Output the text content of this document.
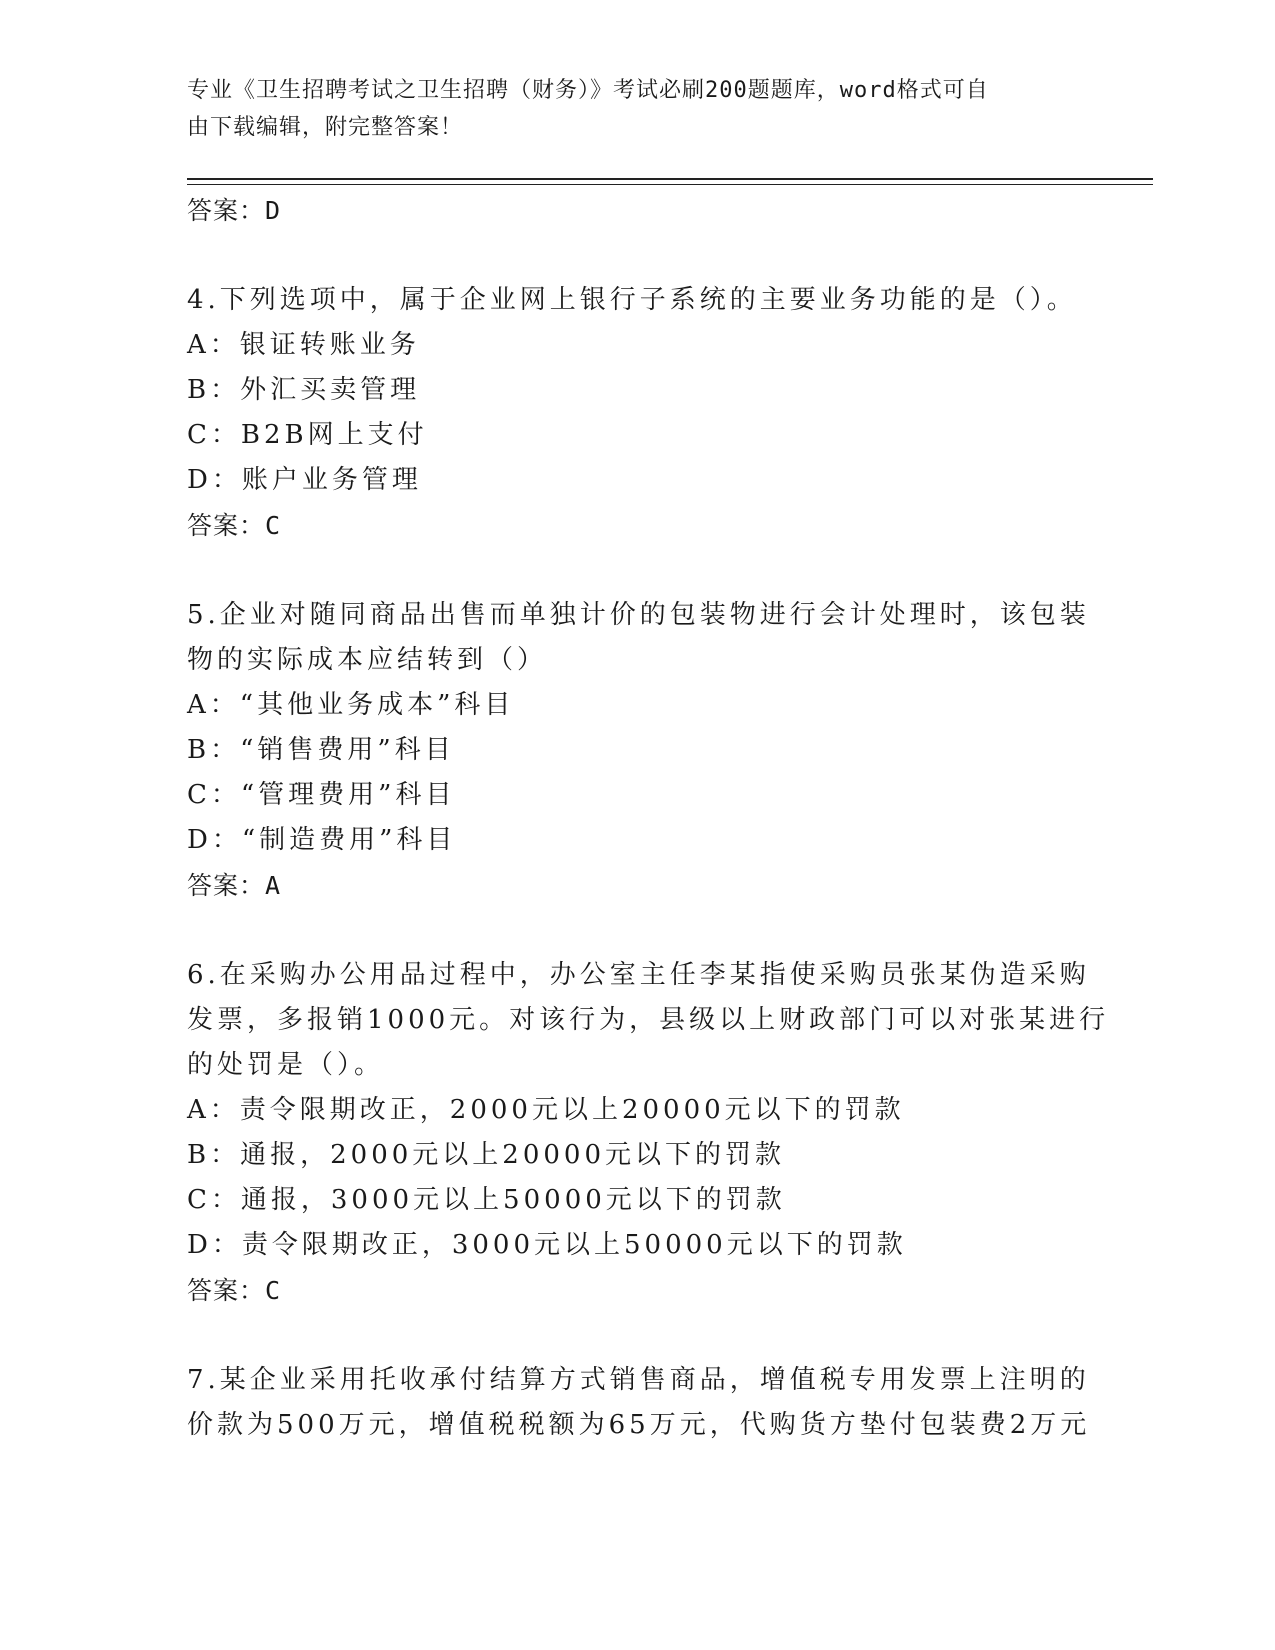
专业《卫生招聘考试之卫生招聘（财务）》考试必刷200题题库，word格式可自
由下载编辑，附完整答案！
答案：D
4.下列选项中，属于企业网上银行子系统的主要业务功能的是（）。
A：银证转账业务
B：外汇买卖管理
C：B2B网上支付
D：账户业务管理
答案：C
5.企业对随同商品出售而单独计价的包装物进行会计处理时，该包装
物的实际成本应结转到（）
A：“其他业务成本”科目
B：“销售费用”科目
C：“管理费用”科目
D：“制造费用”科目
答案：A
6.在采购办公用品过程中，办公室主任李某指使采购员张某伪造采购
发票，多报销1000元。对该行为，县级以上财政部门可以对张某进行
的处罚是（）。
A：责令限期改正，2000元以上20000元以下的罚款
B：通报，2000元以上20000元以下的罚款
C：通报，3000元以上50000元以下的罚款
D：责令限期改正，3000元以上50000元以下的罚款
答案：C
7.某企业采用托收承付结算方式销售商品，增值税专用发票上注明的
价款为500万元，增值税税额为65万元，代购货方垫付包装费2万元
